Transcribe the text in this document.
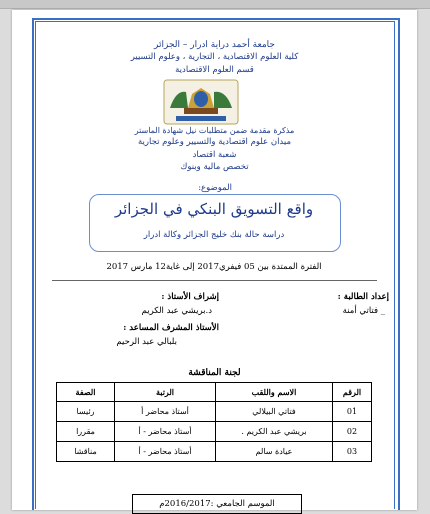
جامعة أحمد دراية ادرار – الجزائر
كلية العلوم الاقتصادية ، التجارية ، وعلوم التسيير
قسم العلوم الاقتصادية
مذكرة مقدمة ضمن متطلبات نيل شهادة الماستر
ميدان علوم اقتصادية والتسيير وعلوم تجارية
شعبة اقتصاد
تخصص مالية وبنوك
الموضوع:
واقع التسويق البنكي في الجزائر
دراسة حالة بنك خليج الجزائر وكالة ادرار
الفترة الممتدة بين 05 فيفري2017 إلى غاية12 مارس 2017
إعداد الطالبة :
_ فتاتي أمنة
إشراف الأستاذ :
د.بريشي عبد الكريم
الأستاذ المشرف المساعد :
بلبالي عبد الرحيم
لجنة المناقشة
الرقم	الاسم واللقب	الرتبة	الصفة
01	فتاتي البيلالي	أستاذ محاضر أ	رئيسا
02	بريشي عبد الكريم .	أستاذ محاضر - أ	مقررا
03	عيادة سالم	أستاذ محاضر - أ	مناقشا
الموسم الجامعي :2016/2017م
